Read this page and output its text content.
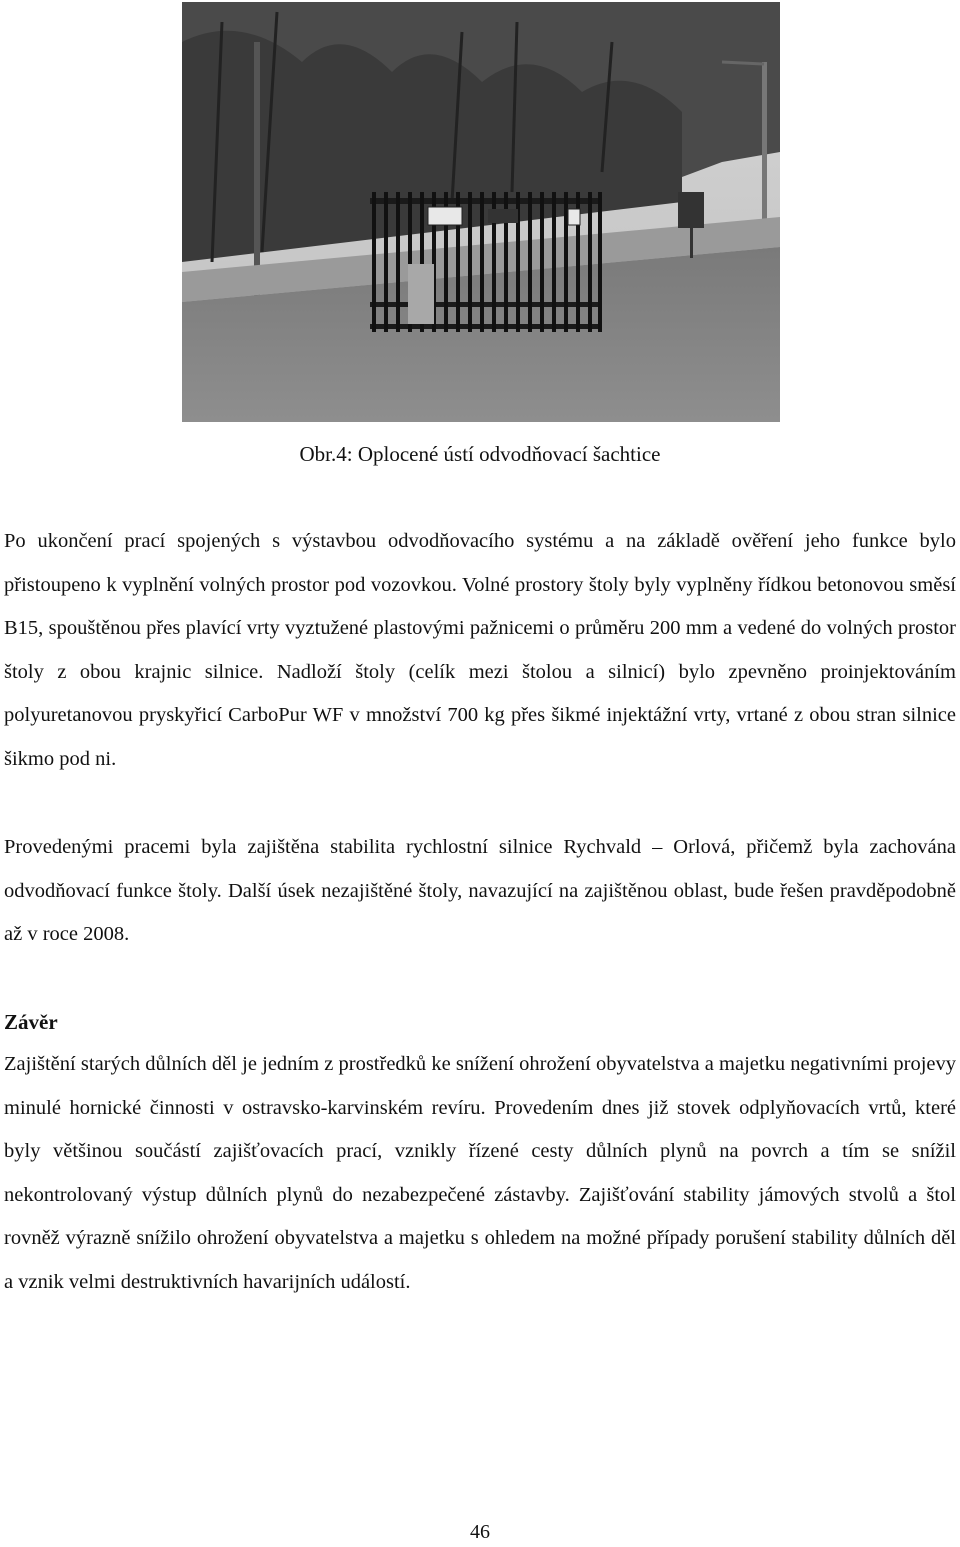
Obr.4: Oplocené ústí odvodňovací šachtice

Po ukončení prací spojených s výstavbou odvodňovacího systému a na základě ověření jeho funkce bylo přistoupeno k vyplnění volných prostor pod vozovkou. Volné prostory štoly byly vyplněny řídkou betonovou směsí B15, spouštěnou přes plavící vrty vyztužené plastovými pažnicemi o průměru 200 mm a vedené do volných prostor štoly z obou krajnic silnice. Nadloží štoly (celík mezi štolou a silnicí) bylo zpevněno proinjektováním polyuretanovou pryskyřicí CarboPur WF v množství 700 kg přes šikmé injektážní vrty, vrtané z obou stran silnice šikmo pod ni.

Provedenými pracemi byla zajištěna stabilita rychlostní silnice Rychvald – Orlová, přičemž byla zachována odvodňovací funkce štoly. Další úsek nezajištěné štoly, navazující na zajištěnou oblast, bude řešen pravděpodobně až v roce 2008.

Závěr

Zajištění starých důlních děl je jedním z prostředků ke snížení ohrožení obyvatelstva a majetku negativními projevy minulé hornické činnosti v ostravsko-karvinském revíru. Provedením dnes již stovek odplyňovacích vrtů, které byly většinou součástí zajišťovacích prací, vznikly řízené cesty důlních plynů na povrch a tím se snížil nekontrolovaný výstup důlních plynů do nezabezpečené zástavby. Zajišťování stability jámových stvolů a štol rovněž výrazně snížilo ohrožení obyvatelstva a majetku s ohledem na možné případy porušení stability důlních děl a vznik velmi destruktivních havarijních událostí.

46
